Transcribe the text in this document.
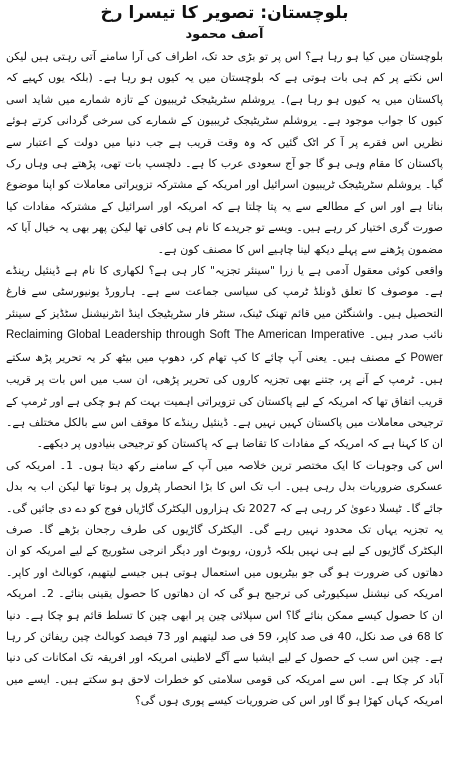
بلوچستان: تصویر کا تیسرا رخ
آصف محمود

بلوچستان میں کیا ہو رہا ہے؟ اس پر تو بڑی حد تک، اطراف کی آرا سامنے آتی رہتی ہیں لیکن اس نکتے پر کم ہی بات ہوتی ہے کہ بلوچستان میں یہ کیوں ہو رہا ہے۔ (بلکہ یوں کہیے کہ پاکستان میں یہ کیوں ہو رہا ہے)۔ یروشلم سٹریٹیجک ٹریبیون کے تازہ شمارے میں شاید اسی کیوں کا جواب موجود ہے۔ یروشلم سٹریٹیجک ٹریبیون کے شمارے کی سرخی گردانی کرتے ہوئے نظریں اس فقرے پر آ کر اٹک گئیں کہ وہ وقت قریب ہے جب دنیا میں دولت کے اعتبار سے پاکستان کا مقام وہی ہو گا جو آج سعودی عرب کا ہے۔ دلچسپ بات تھی، پڑھتے ہی وہاں رک گیا۔ یروشلم سٹریٹیجک ٹریبیون اسرائیل اور امریکہ کے مشترکہ تزویراتی معاملات کو اپنا موضوع بناتا ہے اور اس کے مطالعے سے یہ پتا چلتا ہے کہ امریکہ اور اسرائیل کے مشترکہ مفادات کیا صورت گری اختیار کر رہے ہیں۔ ویسے تو جریدے کا نام ہی کافی تھا لیکن پھر بھی یہ خیال آیا کہ مضمون پڑھنے سے پہلے دیکھ لینا چاہیے اس کا مصنف کون ہے۔

واقعی کوئی معقول آدمی ہے یا زرا "سینئر تجزیہ" کار ہی ہے؟ لکھاری کا نام ہے ڈینئیل رینڈے ہے۔ موصوف کا تعلق ڈونلڈ ٹرمپ کی سیاسی جماعت سے ہے۔ ہارورڈ یونیورسٹی سے فارغ التحصیل ہیں۔ واشنگٹن میں قائم تھنک ٹینک، سنٹر فار سٹریٹیجک اینڈ انٹرنیشنل سٹڈیز کے سینئر نائب صدر ہیں۔ The American Imperative Reclaiming Global Leadership through Soft Power کے مصنف ہیں۔ یعنی آپ چائے کا کپ تھام کر، دھوپ میں بیٹھ کر یہ تحریر پڑھ سکتے ہیں۔ ٹرمپ کے آنے پر، جتنے بھی تجزیہ کاروں کی تحریر پڑھی، ان سب میں اس بات پر قریب قریب اتفاق تھا کہ امریکہ کے لیے پاکستان کی تزویراتی اہمیت بہت کم ہو چکی ہے اور ٹرمپ کے ترجیحی معاملات میں پاکستان کہیں نہیں ہے۔ ڈینئیل رینڈے کا موقف اس سے بالکل مختلف ہے۔ ان کا کہنا ہے کہ امریکہ کے مفادات کا تقاضا ہے کہ پاکستان کو ترجیحی بنیادوں پر دیکھے۔

اس کی وجوہات کا ایک مختصر ترین خلاصہ میں آپ کے سامنے رکھ دیتا ہوں۔ 1۔ امریکہ کی عسکری ضروریات بدل رہی ہیں۔ اب تک اس کا بڑا انحصار پٹرول پر ہوتا تھا لیکن اب یہ بدل جائے گا۔ ٹیسلا دعویٰ کر رہی ہے کہ 2027 تک ہزاروں الیکٹرک گاڑیاں فوج کو دے دی جائیں گی۔ یہ تجزیہ یہاں تک محدود نہیں رہے گی۔ الیکٹرک گاڑیوں کی طرف رجحان بڑھے گا۔ صرف الیکٹرک گاڑیوں کے لیے ہی نہیں بلکہ ڈرون، روبوٹ اور دیگر انرجی سٹوریج کے لیے امریکہ کو ان دھاتوں کی ضرورت ہو گی جو بیٹریوں میں استعمال ہوتی ہیں جیسے لیتھیم، کوبالٹ اور کاپر۔ امریکہ کی نیشنل سیکیورٹی کی ترجیح ہو گی کہ ان دھاتوں کا حصول یقینی بنائے۔ 2۔ امریکہ ان کا حصول کیسے ممکن بنائے گا؟ اس سپلائی چین پر ابھی چین کا تسلط قائم ہو چکا ہے۔ دنیا کا 68 فی صد نکل، 40 فی صد کاپر، 59 فی صد لیتھیم اور 73 فیصد کوبالٹ چین ریفائن کر رہا ہے۔ چین اس سب کے حصول کے لیے ایشیا سے آگے لاطینی امریکہ اور افریقہ تک امکانات کی دنیا آباد کر چکا ہے۔ اس سے امریکہ کی قومی سلامتی کو خطرات لاحق ہو سکتے ہیں۔ ایسے میں امریکہ کہاں کھڑا ہو گا اور اس کی ضروریات کیسے پوری ہوں گی؟
